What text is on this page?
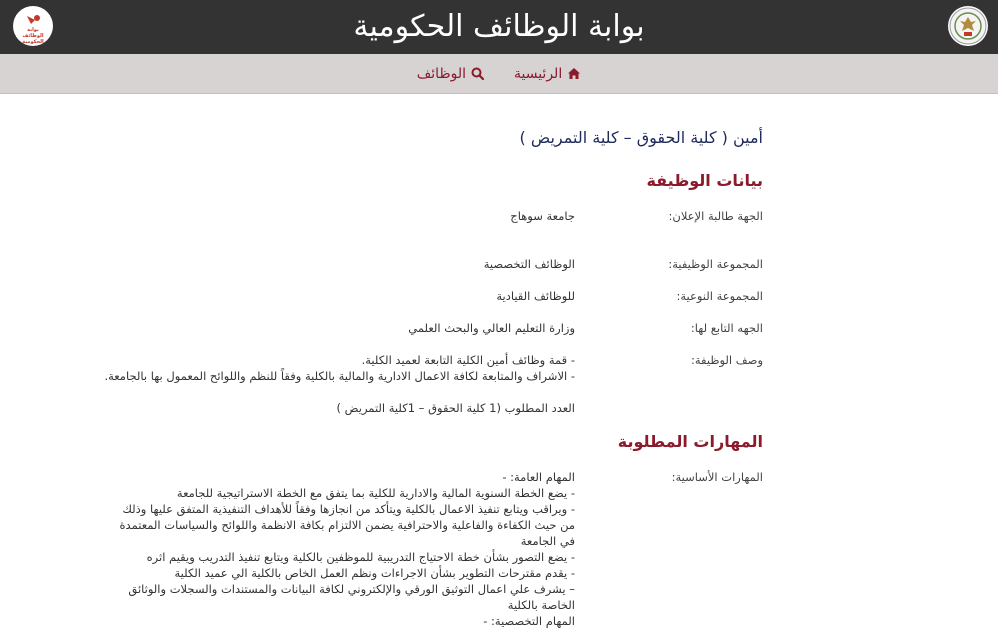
بوابة الوظائف الحكومية
بوابة الوظائف الحكومية
الرئيسية
الوظائف
أمين ( كلية الحقوق – كلية التمريض )
بيانات الوظيفة
الجهة طالبة الإعلان:
جامعة سوهاج
المجموعة الوظيفية:
الوظائف التخصصية
المجموعة النوعية:
للوظائف القيادية
الجهه التابع لها:
وزارة التعليم العالي والبحث العلمي
وصف الوظيفة:
- قمة وظائف أمين الكلية التابعة لعميد الكلية.
- الاشراف والمتابعة لكافة الاعمال الادارية والمالية بالكلية وفقاً للنظم واللوائح المعمول بها بالجامعة.
العدد المطلوب (1 كلية الحقوق – 1كلية التمريض )
المهارات المطلوبة
المهارات الأساسية:
المهام العامة: -
- يضع الخطة السنوية المالية والادارية للكلية بما يتفق مع الخطة الاستراتيجية للجامعة
- ويراقب ويتابع تنفيذ الاعمال بالكلية ويتأكد من انجازها وفقاً للأهداف التنفيذية المتفق عليها وذلك من حيث الكفاءة والفاعلية والاحترافية يضمن الالتزام بكافة الانظمة واللوائح والسياسات المعتمدة في الجامعة
- يضع التصور بشأن خطة الاحتياج التدريبية للموظفين بالكلية ويتابع تنفيذ التدريب ويقيم اثره
- يقدم مقترحات التطوير بشأن الاجراءات ونظم العمل الخاص بالكلية الي عميد الكلية
– يشرف علي اعمال التوثيق الورقي والإلكتروني لكافة البيانات والمستندات والسجلات والوثائق الخاصة بالكلية
المهام التخصصية: -
